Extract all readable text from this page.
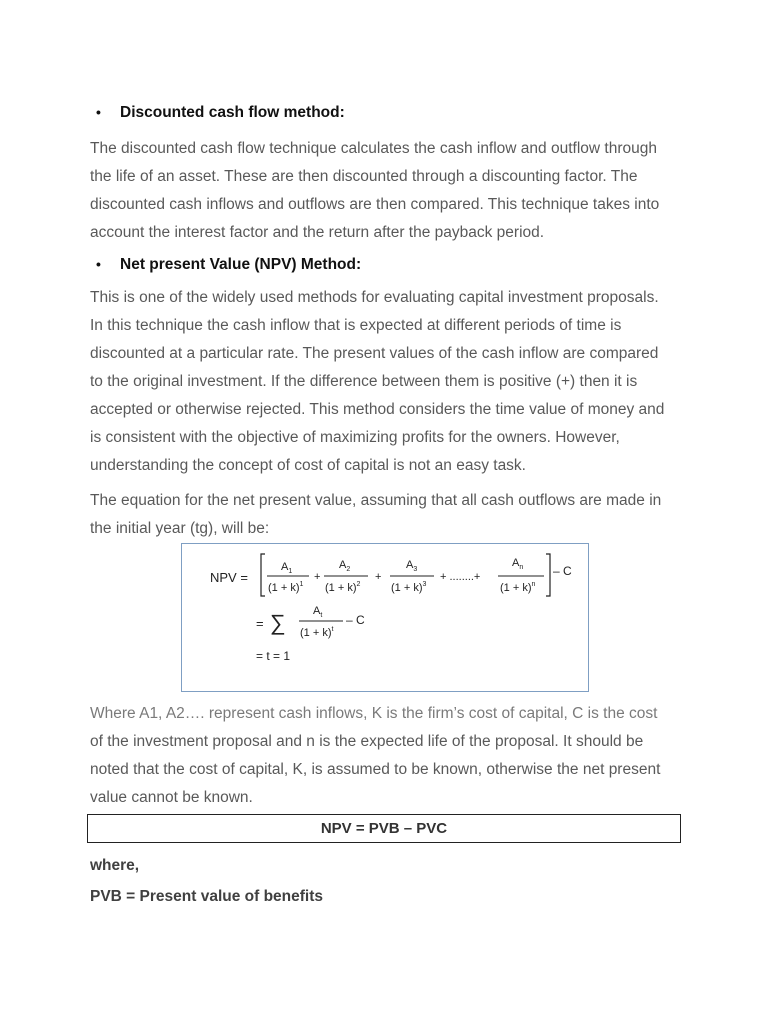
• Discounted cash flow method:
The discounted cash flow technique calculates the cash inflow and outflow through
the life of an asset. These are then discounted through a discounting factor. The
discounted cash inflows and outflows are then compared. This technique takes into
account the interest factor and the return after the payback period.
• Net present Value (NPV) Method:
This is one of the widely used methods for evaluating capital investment proposals.
In this technique the cash inflow that is expected at different periods of time is
discounted at a particular rate. The present values of the cash inflow are compared
to the original investment. If the difference between them is positive (+) then it is
accepted or otherwise rejected. This method considers the time value of money and
is consistent with the objective of maximizing profits for the owners. However,
understanding the concept of cost of capital is not an easy task.
The equation for the net present value, assuming that all cash outflows are made in
the initial year (tg), will be:
NPV =
$A_1$
$(1 + k)^1$
+
$A_2$
$(1 + k)^2$
+
$A_3$
$(1 + k)^3$
+ ........+
$A_n$
$(1 + k)^n$
– C
= ∑ $A_t$
$(1 + k)^t$
– C
= t = 1
Where A1, A2…. represent cash inflows, K is the firm’s cost of capital, C is the cost
of the investment proposal and n is the expected life of the proposal. It should be
noted that the cost of capital, K, is assumed to be known, otherwise the net present
value cannot be known.
NPV = PVB – PVC
where,
PVB = Present value of benefits
